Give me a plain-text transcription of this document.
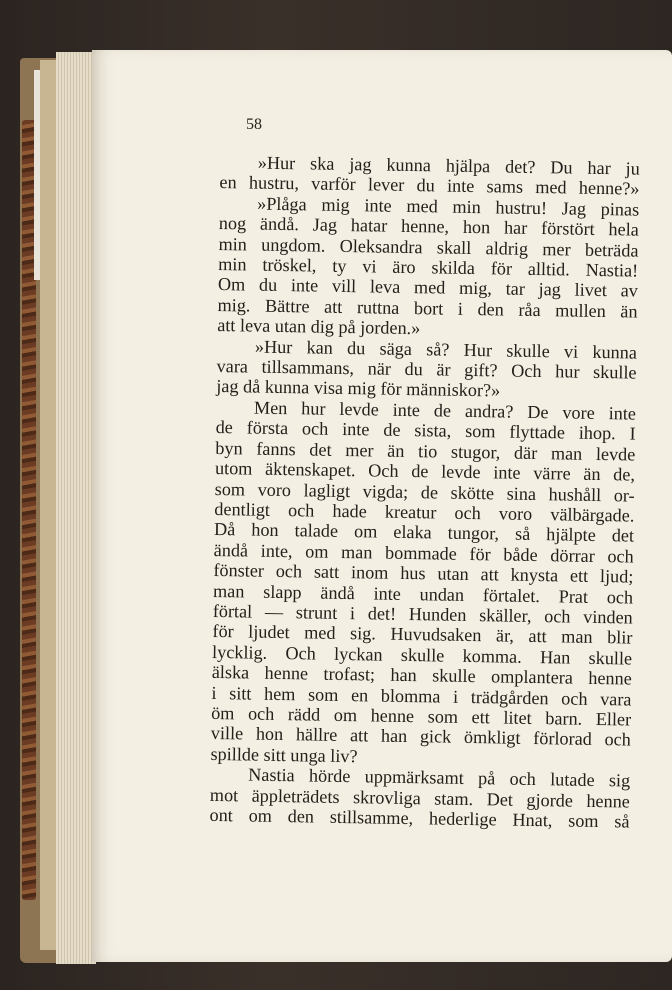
58
»Hur ska jag kunna hjälpa det? Du har ju
en hustru, varför lever du inte sams med henne?»
»Plåga mig inte med min hustru! Jag pinas
nog ändå. Jag hatar henne, hon har förstört hela
min ungdom. Oleksandra skall aldrig mer beträda
min tröskel, ty vi äro skilda för alltid. Nastia!
Om du inte vill leva med mig, tar jag livet av
mig. Bättre att ruttna bort i den råa mullen än
att leva utan dig på jorden.»
»Hur kan du säga så? Hur skulle vi kunna
vara tillsammans, när du är gift? Och hur skulle
jag då kunna visa mig för människor?»
Men hur levde inte de andra? De vore inte
de första och inte de sista, som flyttade ihop. I
byn fanns det mer än tio stugor, där man levde
utom äktenskapet. Och de levde inte värre än de,
som voro lagligt vigda; de skötte sina hushåll or-
dentligt och hade kreatur och voro välbärgade.
Då hon talade om elaka tungor, så hjälpte det
ändå inte, om man bommade för både dörrar och
fönster och satt inom hus utan att knysta ett ljud;
man slapp ändå inte undan förtalet. Prat och
förtal — strunt i det! Hunden skäller, och vinden
för ljudet med sig. Huvudsaken är, att man blir
lycklig. Och lyckan skulle komma. Han skulle
älska henne trofast; han skulle omplantera henne
i sitt hem som en blomma i trädgården och vara
öm och rädd om henne som ett litet barn. Eller
ville hon hällre att han gick ömkligt förlorad och
spillde sitt unga liv?
Nastia hörde uppmärksamt på och lutade sig
mot äppleträdets skrovliga stam. Det gjorde henne
ont om den stillsamme, hederlige Hnat, som så
